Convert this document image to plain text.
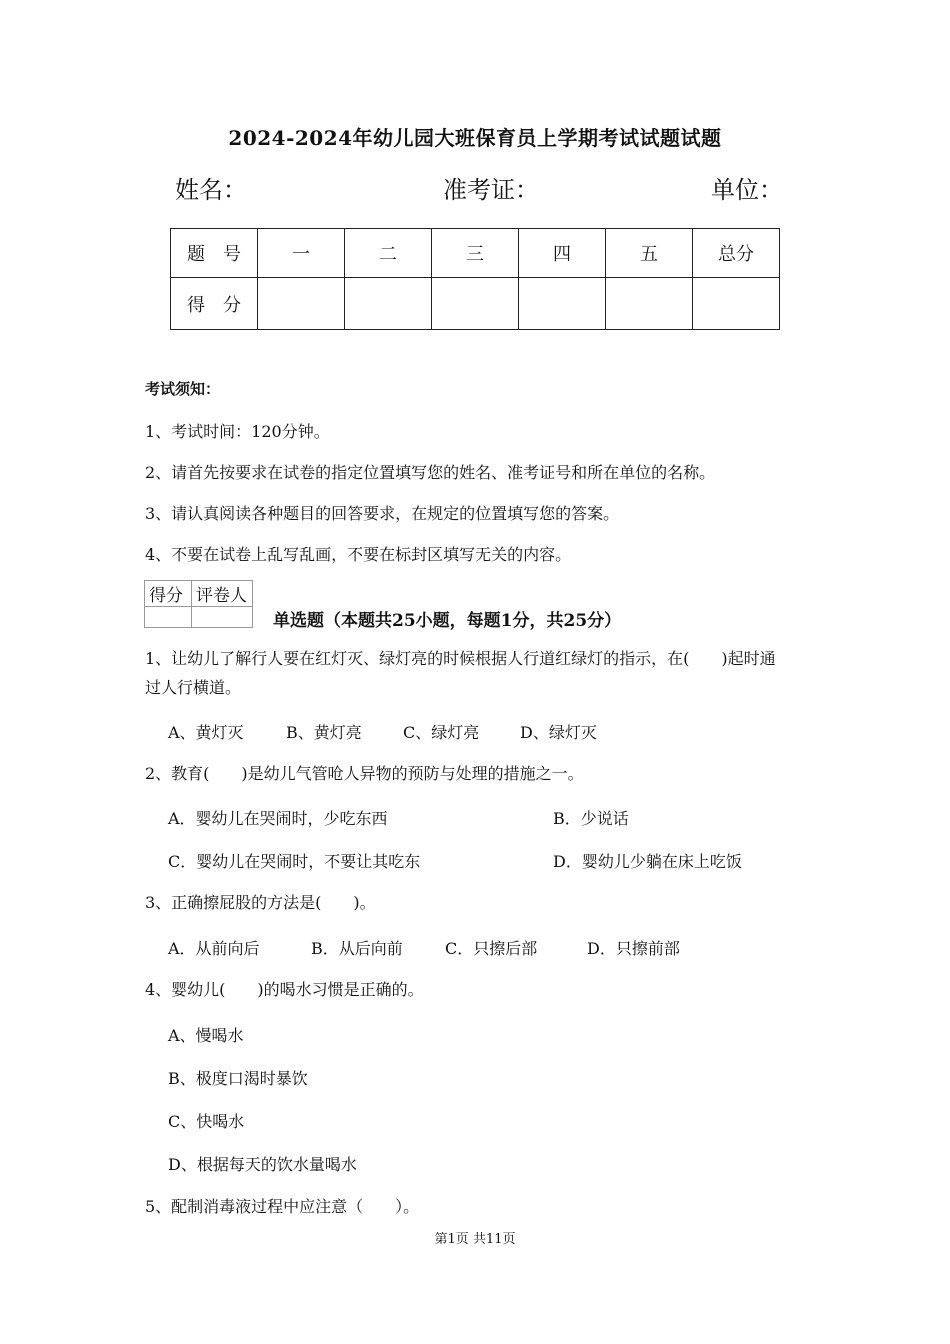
2024-2024年幼儿园大班保育员上学期考试试题试题
姓名：	准考证：	单位：
题　号	一	二	三	四	五	总分
得　分						
考试须知：
1、考试时间：120分钟。
2、请首先按要求在试卷的指定位置填写您的姓名、准考证号和所在单位的名称。
3、请认真阅读各种题目的回答要求，在规定的位置填写您的答案。
4、不要在试卷上乱写乱画，不要在标封区填写无关的内容。
得分	评卷人

单选题（本题共25小题，每题1分，共25分）
1、让幼儿了解行人要在红灯灭、绿灯亮的时候根据人行道红绿灯的指示，在(　　)起时通
过人行横道。
A、黄灯灭	B、黄灯亮	C、绿灯亮	D、绿灯灭
2、教育(　　)是幼儿气管呛人异物的预防与处理的措施之一。
A．婴幼儿在哭闹时，少吃东西	B．少说话
C．婴幼儿在哭闹时，不要让其吃东	D．婴幼儿少躺在床上吃饭
3、正确擦屁股的方法是(　　)。
A．从前向后	B．从后向前	C．只擦后部	D．只擦前部
4、婴幼儿(　　)的喝水习惯是正确的。
A、慢喝水
B、极度口渴时暴饮
C、快喝水
D、根据每天的饮水量喝水
5、配制消毒液过程中应注意（　　）。
第1页 共11页
